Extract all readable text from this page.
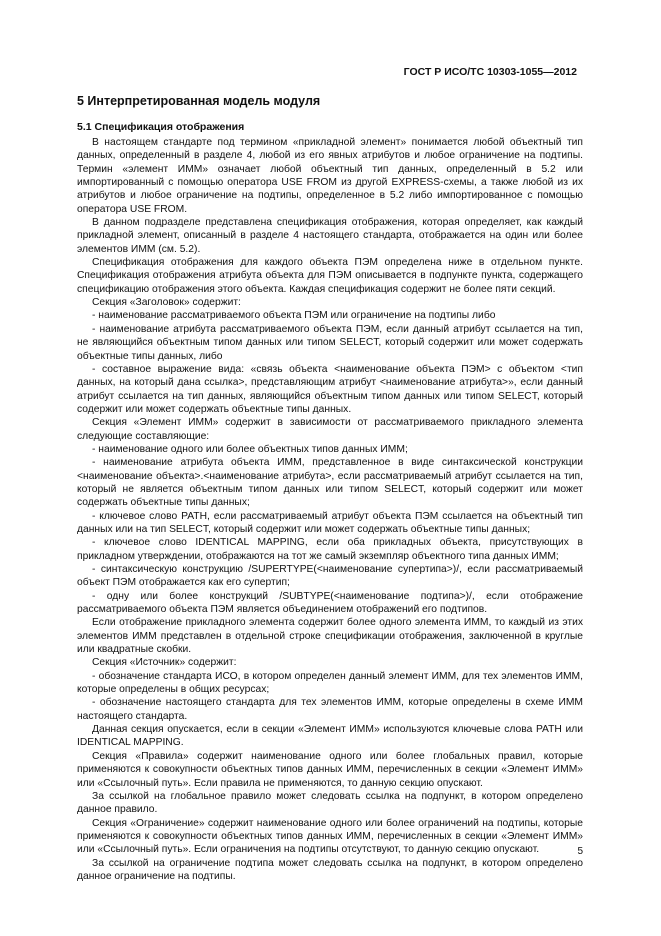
ГОСТ Р ИСО/ТС 10303-1055—2012
5 Интерпретированная модель модуля
5.1 Спецификация отображения

В настоящем стандарте под термином «прикладной элемент» понимается любой объектный тип данных, определенный в разделе 4, любой из его явных атрибутов и любое ограничение на подтипы. Термин «элемент ИММ» означает любой объектный тип данных, определенный в 5.2 или импортированный с помощью оператора USE FROM из другой EXPRESS-схемы, а также любой из их атрибутов и любое ограничение на подтипы, определенное в 5.2 либо импортированное с помощью оператора USE FROM.

В данном подразделе представлена спецификация отображения, которая определяет, как каждый прикладной элемент, описанный в разделе 4 настоящего стандарта, отображается на один или более элементов ИММ (см. 5.2).

Спецификация отображения для каждого объекта ПЭМ определена ниже в отдельном пункте. Спецификация отображения атрибута объекта для ПЭМ описывается в подпункте пункта, содержащего спецификацию отображения этого объекта. Каждая спецификация содержит не более пяти секций.

Секция «Заголовок» содержит:

- наименование рассматриваемого объекта ПЭМ или ограничение на подтипы либо

- наименование атрибута рассматриваемого объекта ПЭМ, если данный атрибут ссылается на тип, не являющийся объектным типом данных или типом SELECT, который содержит или может содержать объектные типы данных, либо

- составное выражение вида: «связь объекта <наименование объекта ПЭМ> с объектом <тип данных, на который дана ссылка>, представляющим атрибут <наименование атрибута>», если данный атрибут ссылается на тип данных, являющийся объектным типом данных или типом SELECT, который содержит или может содержать объектные типы данных.

Секция «Элемент ИММ» содержит в зависимости от рассматриваемого прикладного элемента следующие составляющие:

- наименование одного или более объектных типов данных ИММ;

- наименование атрибута объекта ИММ, представленное в виде синтаксической конструкции <наименование объекта>.<наименование атрибута>, если рассматриваемый атрибут ссылается на тип, который не является объектным типом данных или типом SELECT, который содержит или может содержать объектные типы данных;

- ключевое слово PATH, если рассматриваемый атрибут объекта ПЭМ ссылается на объектный тип данных или на тип SELECT, который содержит или может содержать объектные типы данных;

- ключевое слово IDENTICAL MAPPING, если оба прикладных объекта, присутствующих в прикладном утверждении, отображаются на тот же самый экземпляр объектного типа данных ИММ;

- синтаксическую конструкцию /SUPERTYPE(<наименование супертипа>)/, если рассматриваемый объект ПЭМ отображается как его супертип;

- одну или более конструкций /SUBTYPE(<наименование подтипа>)/, если отображение рассматриваемого объекта ПЭМ является объединением отображений его подтипов.

Если отображение прикладного элемента содержит более одного элемента ИММ, то каждый из этих элементов ИММ представлен в отдельной строке спецификации отображения, заключенной в круглые или квадратные скобки.

Секция «Источник» содержит:

- обозначение стандарта ИСО, в котором определен данный элемент ИММ, для тех элементов ИММ, которые определены в общих ресурсах;

- обозначение настоящего стандарта для тех элементов ИММ, которые определены в схеме ИММ настоящего стандарта.

Данная секция опускается, если в секции «Элемент ИММ» используются ключевые слова PATH или IDENTICAL MAPPING.

Секция «Правила» содержит наименование одного или более глобальных правил, которые применяются к совокупности объектных типов данных ИММ, перечисленных в секции «Элемент ИММ» или «Ссылочный путь». Если правила не применяются, то данную секцию опускают.

За ссылкой на глобальное правило может следовать ссылка на подпункт, в котором определено данное правило.

Секция «Ограничение» содержит наименование одного или более ограничений на подтипы, которые применяются к совокупности объектных типов данных ИММ, перечисленных в секции «Элемент ИММ» или «Ссылочный путь». Если ограничения на подтипы отсутствуют, то данную секцию опускают.

За ссылкой на ограничение подтипа может следовать ссылка на подпункт, в котором определено данное ограничение на подтипы.

5
